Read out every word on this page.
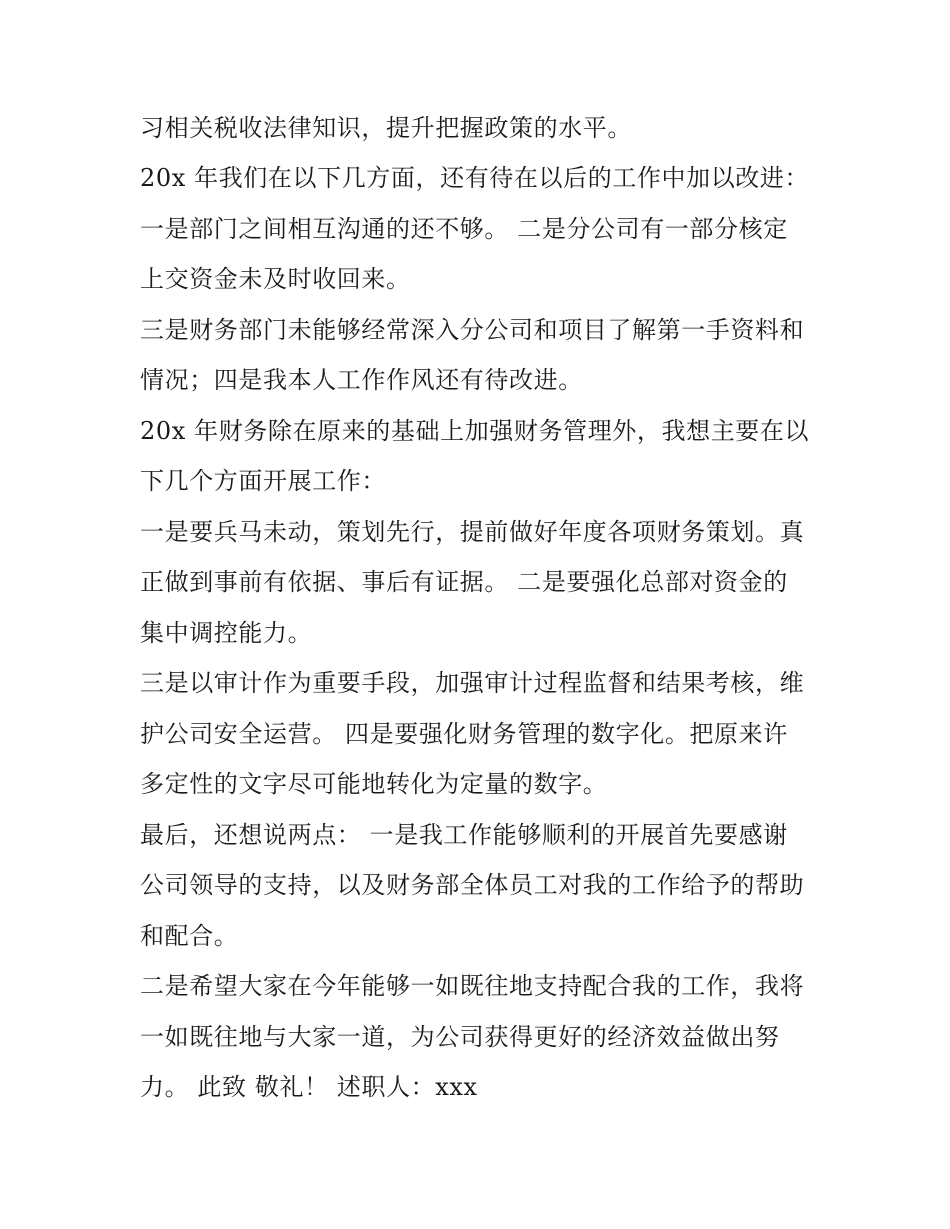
习相关税收法律知识，提升把握政策的水平。
20x 年我们在以下几方面，还有待在以后的工作中加以改进：
一是部门之间相互沟通的还不够。 二是分公司有一部分核定
上交资金未及时收回来。
三是财务部门未能够经常深入分公司和项目了解第一手资料和
情况；四是我本人工作作风还有待改进。
20x 年财务除在原来的基础上加强财务管理外，我想主要在以
下几个方面开展工作：
一是要兵马未动，策划先行，提前做好年度各项财务策划。真
正做到事前有依据、事后有证据。 二是要强化总部对资金的
集中调控能力。
三是以审计作为重要手段，加强审计过程监督和结果考核，维
护公司安全运营。 四是要强化财务管理的数字化。把原来许
多定性的文字尽可能地转化为定量的数字。
最后，还想说两点： 一是我工作能够顺利的开展首先要感谢
公司领导的支持，以及财务部全体员工对我的工作给予的帮助
和配合。
二是希望大家在今年能够一如既往地支持配合我的工作，我将
一如既往地与大家一道，为公司获得更好的经济效益做出努
力。 此致 敬礼！ 述职人：xxx
